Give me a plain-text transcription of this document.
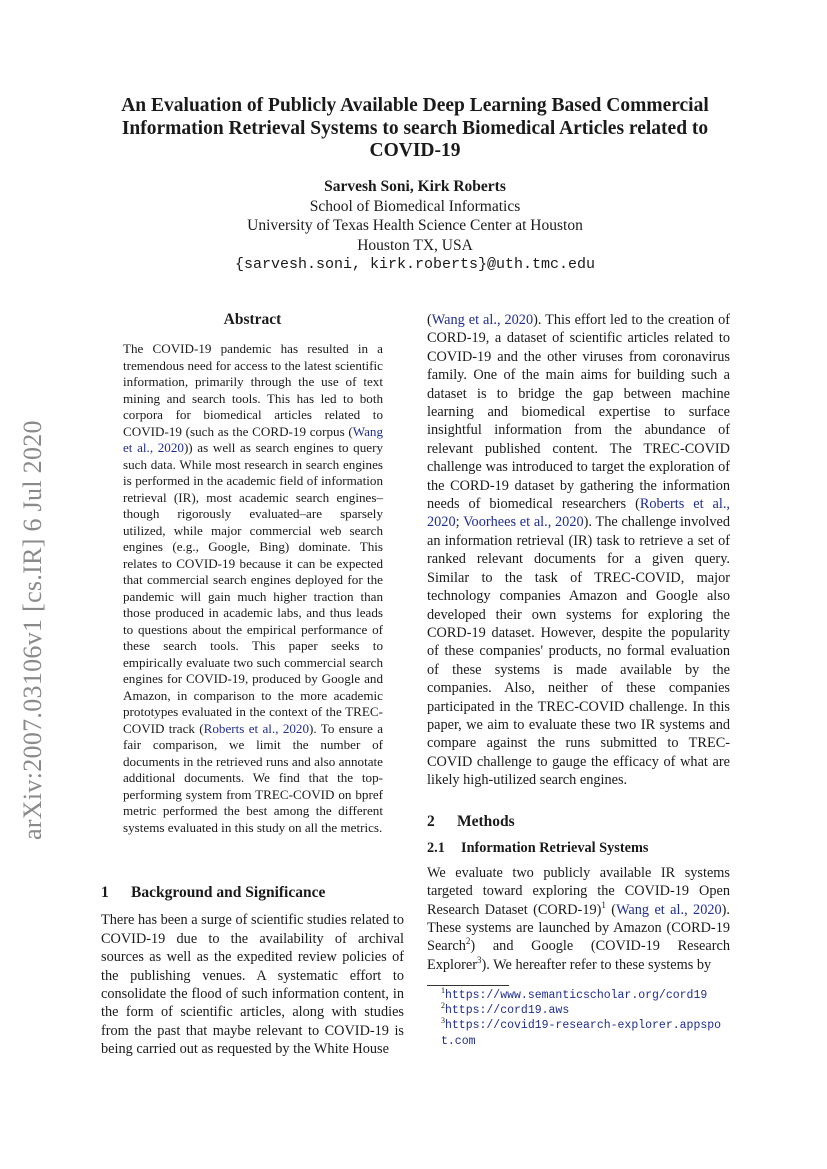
An Evaluation of Publicly Available Deep Learning Based Commercial Information Retrieval Systems to search Biomedical Articles related to COVID-19
Sarvesh Soni, Kirk Roberts
School of Biomedical Informatics
University of Texas Health Science Center at Houston
Houston TX, USA
{sarvesh.soni, kirk.roberts}@uth.tmc.edu
arXiv:2007.03106v1 [cs.IR] 6 Jul 2020
Abstract
The COVID-19 pandemic has resulted in a tremendous need for access to the latest scientific information, primarily through the use of text mining and search tools. This has led to both corpora for biomedical articles related to COVID-19 (such as the CORD-19 corpus (Wang et al., 2020)) as well as search engines to query such data. While most research in search engines is performed in the academic field of information retrieval (IR), most academic search engines–though rigorously evaluated–are sparsely utilized, while major commercial web search engines (e.g., Google, Bing) dominate. This relates to COVID-19 because it can be expected that commercial search engines deployed for the pandemic will gain much higher traction than those produced in academic labs, and thus leads to questions about the empirical performance of these search tools. This paper seeks to empirically evaluate two such commercial search engines for COVID-19, produced by Google and Amazon, in comparison to the more academic prototypes evaluated in the context of the TREC-COVID track (Roberts et al., 2020). To ensure a fair comparison, we limit the number of documents in the retrieved runs and also annotate additional documents. We find that the top-performing system from TREC-COVID on bpref metric performed the best among the different systems evaluated in this study on all the metrics.
1 Background and Significance

There has been a surge of scientific studies related to COVID-19 due to the availability of archival sources as well as the expedited review policies of the publishing venues. A systematic effort to consolidate the flood of such information content, in the form of scientific articles, along with studies from the past that maybe relevant to COVID-19 is being carried out as requested by the White House

(Wang et al., 2020). This effort led to the creation of CORD-19, a dataset of scientific articles related to COVID-19 and the other viruses from coronavirus family. One of the main aims for building such a dataset is to bridge the gap between machine learning and biomedical expertise to surface insightful information from the abundance of relevant published content. The TREC-COVID challenge was introduced to target the exploration of the CORD-19 dataset by gathering the information needs of biomedical researchers (Roberts et al., 2020; Voorhees et al., 2020). The challenge involved an information retrieval (IR) task to retrieve a set of ranked relevant documents for a given query. Similar to the task of TREC-COVID, major technology companies Amazon and Google also developed their own systems for exploring the CORD-19 dataset. However, despite the popularity of these companies' products, no formal evaluation of these systems is made available by the companies. Also, neither of these companies participated in the TREC-COVID challenge. In this paper, we aim to evaluate these two IR systems and compare against the runs submitted to TREC-COVID challenge to gauge the efficacy of what are likely high-utilized search engines.

2 Methods
2.1 Information Retrieval Systems

We evaluate two publicly available IR systems targeted toward exploring the COVID-19 Open Research Dataset (CORD-19)$^1$ (Wang et al., 2020). These systems are launched by Amazon (CORD-19 Search$^2$) and Google (COVID-19 Research Explorer$^3$). We hereafter refer to these systems by

$^1$https://www.semanticscholar.org/cord19

$^2$https://cord19.aws

$^3$https://covid19-research-explorer.appspot.com
